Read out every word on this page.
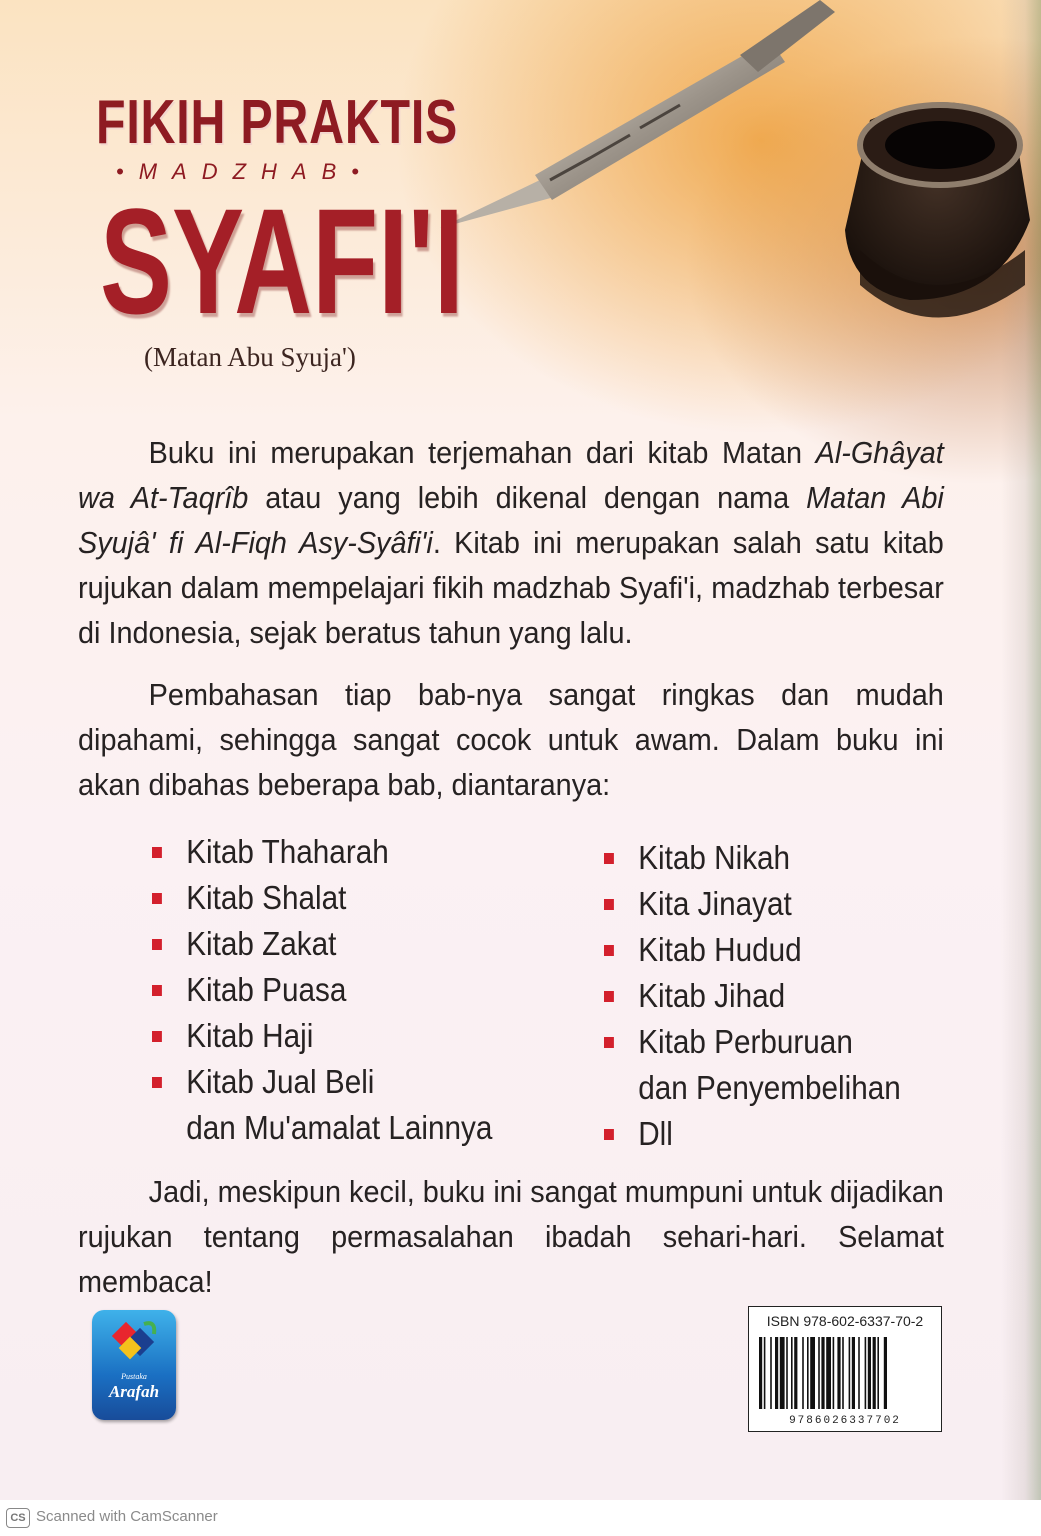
FIKIH PRAKTIS
•MADZHAB•
SYAFI'I
(Matan Abu Syuja')

Buku ini merupakan terjemahan dari kitab Matan Al-Ghâyat wa At-Taqrîb atau yang lebih dikenal dengan nama Matan Abi Syujâ' fi Al-Fiqh Asy-Syâfi'i. Kitab ini merupakan salah satu kitab rujukan dalam mempelajari fikih madzhab Syafi'i, madzhab terbesar di Indonesia, sejak beratus tahun yang lalu.

Pembahasan tiap bab-nya sangat ringkas dan mudah dipahami, sehingga sangat cocok untuk awam. Dalam buku ini akan dibahas beberapa bab, diantaranya:

Kitab Thaharah
Kitab Shalat
Kitab Zakat
Kitab Puasa
Kitab Haji
Kitab Jual Beli
dan Mu'amalat Lainnya
Kitab Nikah
Kita Jinayat
Kitab Hudud
Kitab Jihad
Kitab Perburuan
dan Penyembelihan
Dll

Jadi, meskipun kecil, buku ini sangat mumpuni untuk dijadikan rujukan tentang permasalahan ibadah sehari-hari. Selamat membaca!

Pustaka
Arafah
ISBN 978-602-6337-70-2
9786026337702
CS Scanned with CamScanner
